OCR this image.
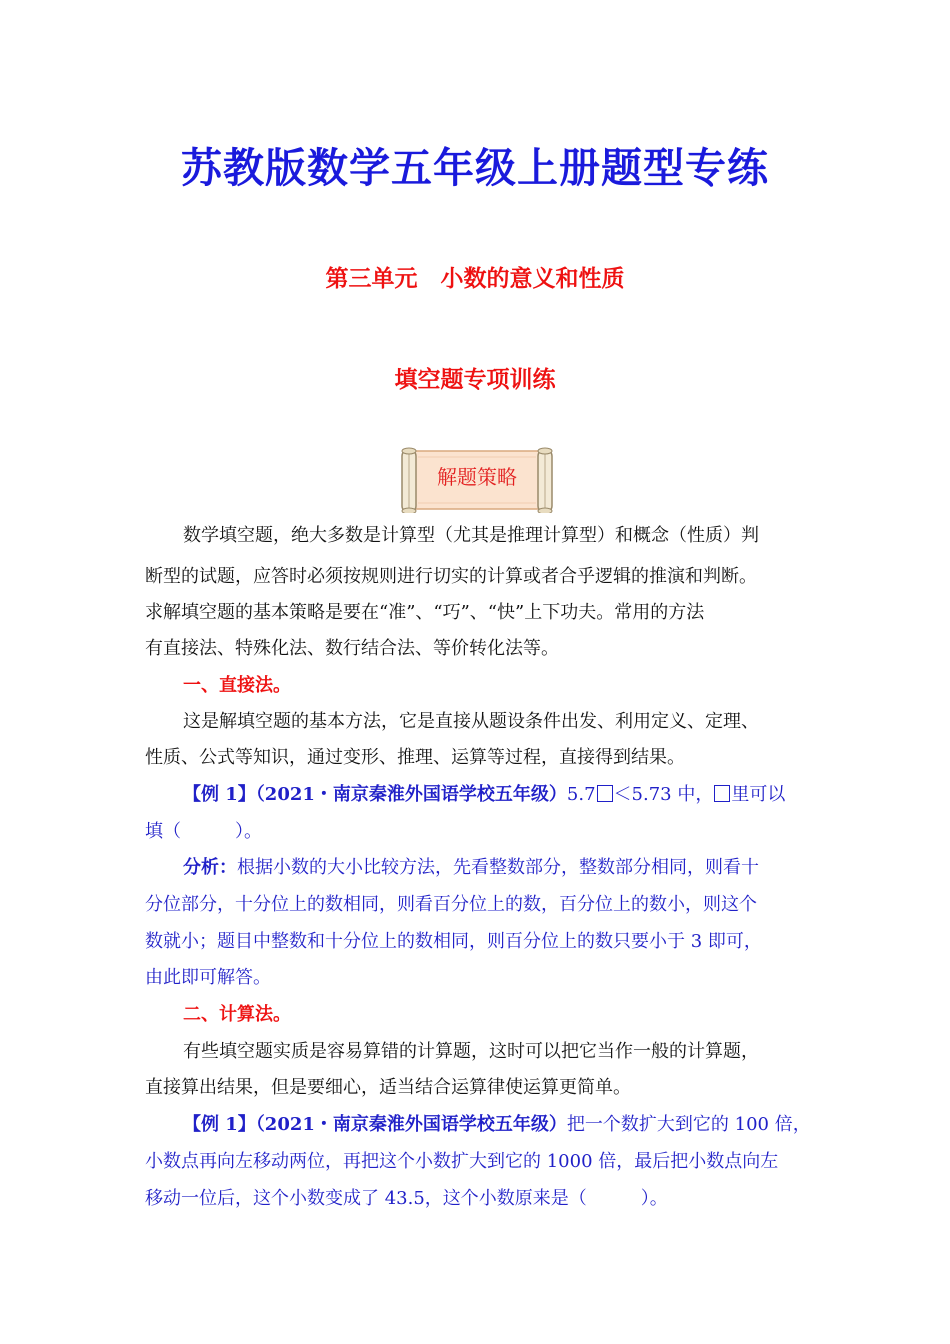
苏教版数学五年级上册题型专练
第三单元　小数的意义和性质
填空题专项训练
解题策略

数学填空题，绝大多数是计算型（尤其是推理计算型）和概念（性质）判

断型的试题，应答时必须按规则进行切实的计算或者合乎逻辑的推演和判断。

求解填空题的基本策略是要在“准”、“巧”、“快”上下功夫。常用的方法

有直接法、特殊化法、数行结合法、等价转化法等。

一、直接法。

这是解填空题的基本方法，它是直接从题设条件出发、利用定义、定理、

性质、公式等知识，通过变形、推理、运算等过程，直接得到结果。

【例 1】（2021・南京秦淮外国语学校五年级）5.7 ＜5.73 中， 里可以

填（　　　）。

分析：根据小数的大小比较方法，先看整数部分，整数部分相同，则看十

分位部分，十分位上的数相同，则看百分位上的数，百分位上的数小，则这个

数就小；题目中整数和十分位上的数相同，则百分位上的数只要小于 3 即可，

由此即可解答。

二、计算法。

有些填空题实质是容易算错的计算题，这时可以把它当作一般的计算题，

直接算出结果，但是要细心，适当结合运算律使运算更简单。

【例 1】（2021・南京秦淮外国语学校五年级）把一个数扩大到它的 100 倍，

小数点再向左移动两位，再把这个小数扩大到它的 1000 倍，最后把小数点向左

移动一位后，这个小数变成了 43.5，这个小数原来是（　　　）。
